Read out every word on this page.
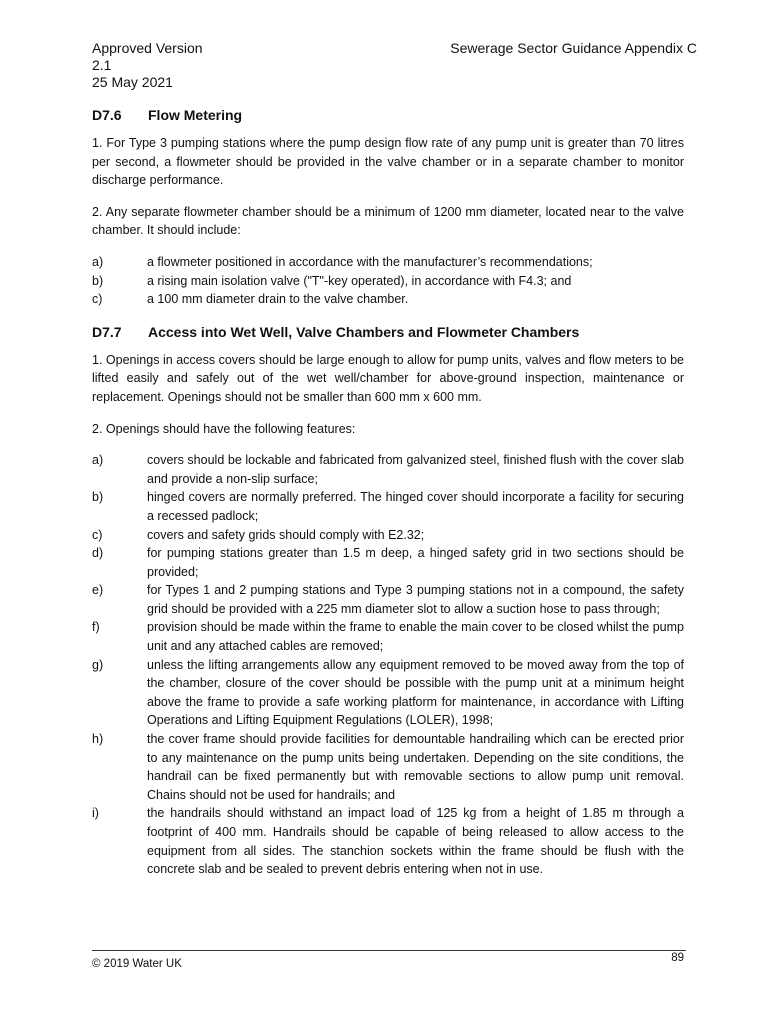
Approved Version
2.1
25 May 2021
Sewerage Sector Guidance Appendix C
D7.6	Flow Metering

1. For Type 3 pumping stations where the pump design flow rate of any pump unit is greater than 70 litres per second, a flowmeter should be provided in the valve chamber or in a separate chamber to monitor discharge performance.

2. Any separate flowmeter chamber should be a minimum of 1200 mm diameter, located near to the valve chamber. It should include:

a)	a flowmeter positioned in accordance with the manufacturer’s recommendations;
b)	a rising main isolation valve ("T"-key operated), in accordance with F4.3; and
c)	a 100 mm diameter drain to the valve chamber.
D7.7	Access into Wet Well, Valve Chambers and Flowmeter Chambers

1. Openings in access covers should be large enough to allow for pump units, valves and flow meters to be lifted easily and safely out of the wet well/chamber for above-ground inspection, maintenance or replacement. Openings should not be smaller than 600 mm x 600 mm.

2. Openings should have the following features:

a)	covers should be lockable and fabricated from galvanized steel, finished flush with the cover slab and provide a non-slip surface;
b)	hinged covers are normally preferred. The hinged cover should incorporate a facility for securing a recessed padlock;
c)	covers and safety grids should comply with E2.32;
d)	for pumping stations greater than 1.5 m deep, a hinged safety grid in two sections should be provided;
e)	for Types 1 and 2 pumping stations and Type 3 pumping stations not in a compound, the safety grid should be provided with a 225 mm diameter slot to allow a suction hose to pass through;
f)	provision should be made within the frame to enable the main cover to be closed whilst the pump unit and any attached cables are removed;
g)	unless the lifting arrangements allow any equipment removed to be moved away from the top of the chamber, closure of the cover should be possible with the pump unit at a minimum height above the frame to provide a safe working platform for maintenance, in accordance with Lifting Operations and Lifting Equipment Regulations (LOLER), 1998;
h)	the cover frame should provide facilities for demountable handrailing which can be erected prior to any maintenance on the pump units being undertaken. Depending on the site conditions, the handrail can be fixed permanently but with removable sections to allow pump unit removal. Chains should not be used for handrails; and
i)	the handrails should withstand an impact load of 125 kg from a height of 1.85 m through a footprint of 400 mm. Handrails should be capable of being released to allow access to the equipment from all sides. The stanchion sockets within the frame should be flush with the concrete slab and be sealed to prevent debris entering when not in use.
© 2019 Water UK	89
